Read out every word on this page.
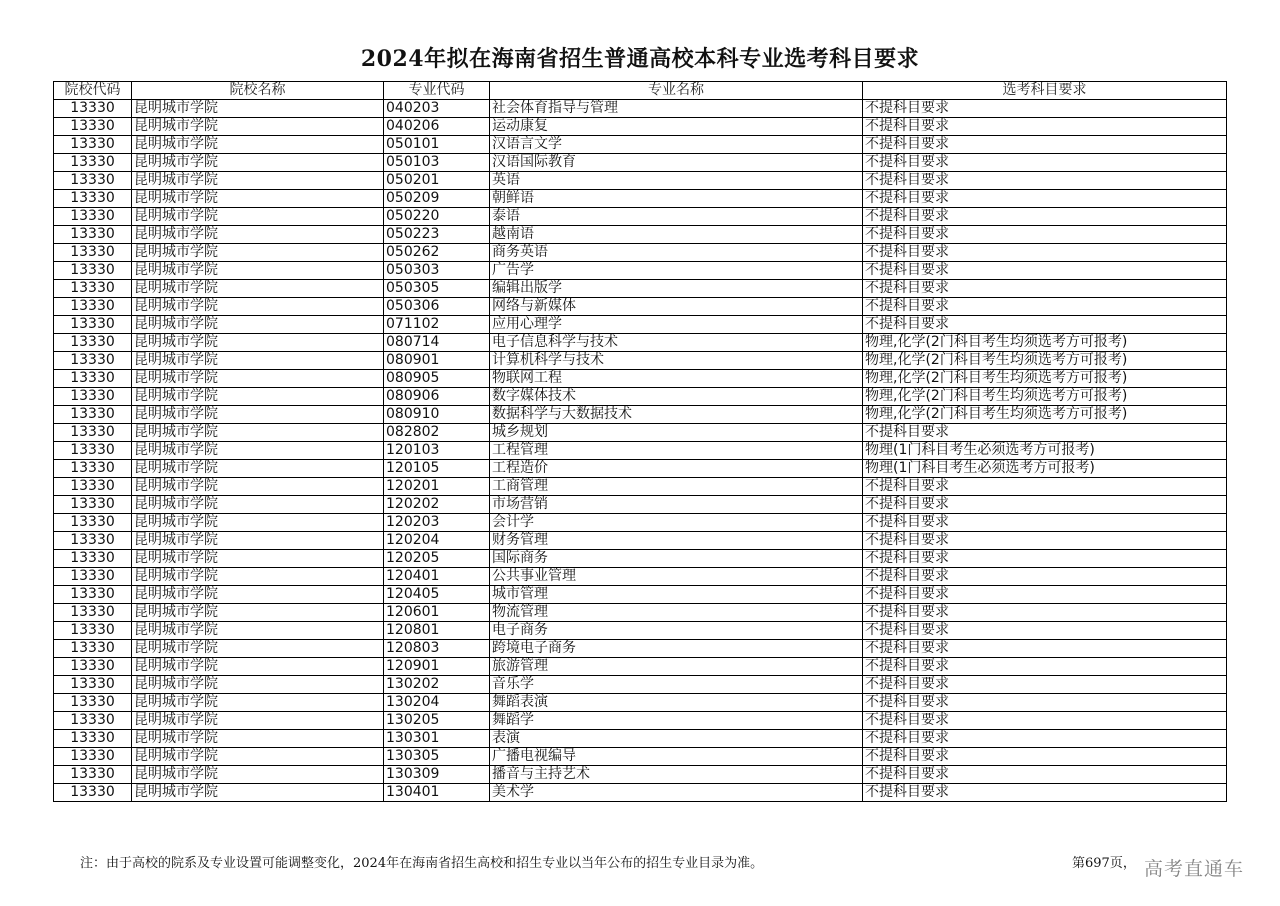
2024年拟在海南省招生普通高校本科专业选考科目要求
院校代码	院校名称	专业代码	专业名称	选考科目要求
13330	昆明城市学院	040203	社会体育指导与管理	不提科目要求
13330	昆明城市学院	040206	运动康复	不提科目要求
13330	昆明城市学院	050101	汉语言文学	不提科目要求
13330	昆明城市学院	050103	汉语国际教育	不提科目要求
13330	昆明城市学院	050201	英语	不提科目要求
13330	昆明城市学院	050209	朝鲜语	不提科目要求
13330	昆明城市学院	050220	泰语	不提科目要求
13330	昆明城市学院	050223	越南语	不提科目要求
13330	昆明城市学院	050262	商务英语	不提科目要求
13330	昆明城市学院	050303	广告学	不提科目要求
13330	昆明城市学院	050305	编辑出版学	不提科目要求
13330	昆明城市学院	050306	网络与新媒体	不提科目要求
13330	昆明城市学院	071102	应用心理学	不提科目要求
13330	昆明城市学院	080714	电子信息科学与技术	物理,化学(2门科目考生均须选考方可报考)
13330	昆明城市学院	080901	计算机科学与技术	物理,化学(2门科目考生均须选考方可报考)
13330	昆明城市学院	080905	物联网工程	物理,化学(2门科目考生均须选考方可报考)
13330	昆明城市学院	080906	数字媒体技术	物理,化学(2门科目考生均须选考方可报考)
13330	昆明城市学院	080910	数据科学与大数据技术	物理,化学(2门科目考生均须选考方可报考)
13330	昆明城市学院	082802	城乡规划	不提科目要求
13330	昆明城市学院	120103	工程管理	物理(1门科目考生必须选考方可报考)
13330	昆明城市学院	120105	工程造价	物理(1门科目考生必须选考方可报考)
13330	昆明城市学院	120201	工商管理	不提科目要求
13330	昆明城市学院	120202	市场营销	不提科目要求
13330	昆明城市学院	120203	会计学	不提科目要求
13330	昆明城市学院	120204	财务管理	不提科目要求
13330	昆明城市学院	120205	国际商务	不提科目要求
13330	昆明城市学院	120401	公共事业管理	不提科目要求
13330	昆明城市学院	120405	城市管理	不提科目要求
13330	昆明城市学院	120601	物流管理	不提科目要求
13330	昆明城市学院	120801	电子商务	不提科目要求
13330	昆明城市学院	120803	跨境电子商务	不提科目要求
13330	昆明城市学院	120901	旅游管理	不提科目要求
13330	昆明城市学院	130202	音乐学	不提科目要求
13330	昆明城市学院	130204	舞蹈表演	不提科目要求
13330	昆明城市学院	130205	舞蹈学	不提科目要求
13330	昆明城市学院	130301	表演	不提科目要求
13330	昆明城市学院	130305	广播电视编导	不提科目要求
13330	昆明城市学院	130309	播音与主持艺术	不提科目要求
13330	昆明城市学院	130401	美术学	不提科目要求
注：由于高校的院系及专业设置可能调整变化，2024年在海南省招生高校和招生专业以当年公布的招生专业目录为准。	第697页， 高考直通车
